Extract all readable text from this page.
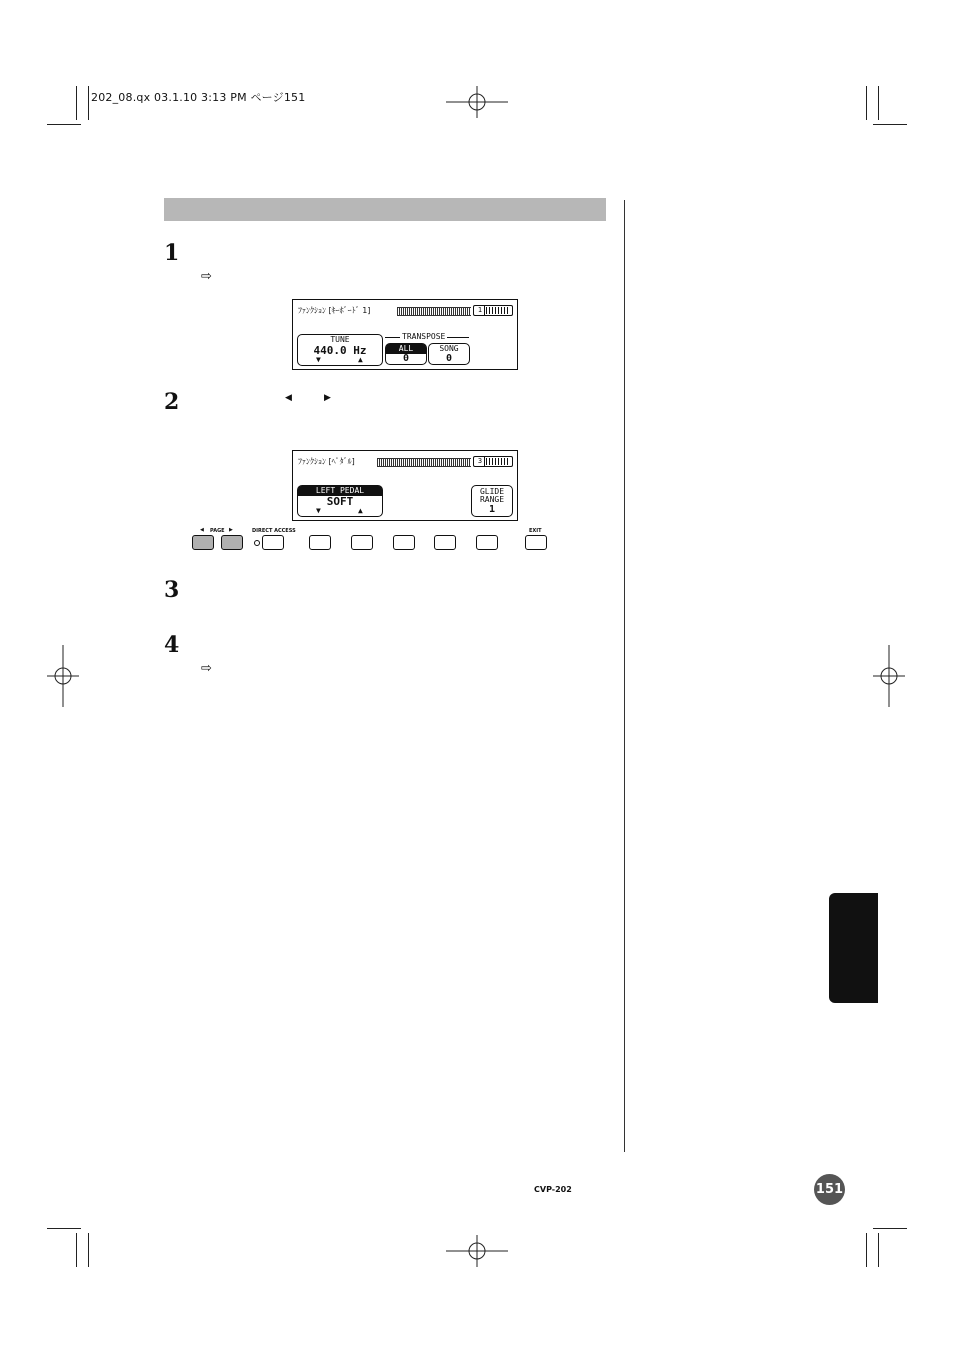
202_08.qx 03.1.10 3:13 PM ページ151
1
⇨
ﾌｧﾝｸｼｮﾝ [ｷｰﾎﾞｰﾄﾞ 1]	1
TUNE
440.0 Hz
▼	▲
TRANSPOSE
ALL
0
SONG
0
2	◀	▶
ﾌｧﾝｸｼｮﾝ [ﾍﾟﾀﾞﾙ]	3
LEFT PEDAL
SOFT
▼	▲
GLIDE
RANGE
1
◀ PAGE ▶	DIRECT ACCESS	EXIT
3
4
⇨
CVP-202	151
